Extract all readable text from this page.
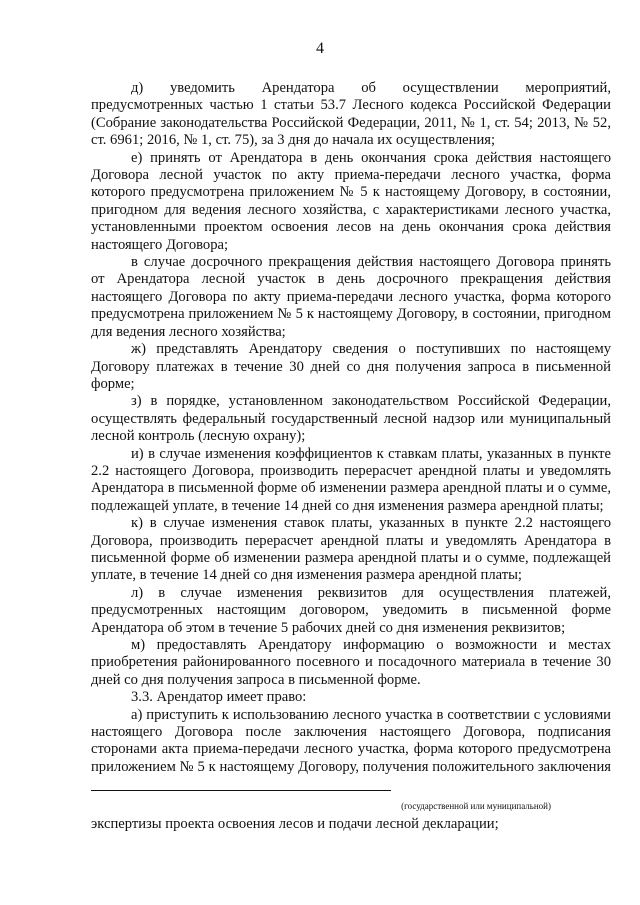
4

д) уведомить Арендатора об осуществлении мероприятий, предусмотренных частью 1 статьи 53.7 Лесного кодекса Российской Федерации (Собрание законодательства Российской Федерации, 2011, № 1, ст. 54; 2013, № 52, ст. 6961; 2016, № 1, ст. 75), за 3 дня до начала их осуществления;

е) принять от Арендатора в день окончания срока действия настоящего Договора лесной участок по акту приема-передачи лесного участка, форма которого предусмотрена приложением № 5 к настоящему Договору, в состоянии, пригодном для ведения лесного хозяйства, с характеристиками лесного участка, установленными проектом освоения лесов на день окончания срока действия настоящего Договора;

в случае досрочного прекращения действия настоящего Договора принять от Арендатора лесной участок в день досрочного прекращения действия настоящего Договора по акту приема-передачи лесного участка, форма которого предусмотрена приложением № 5 к настоящему Договору, в состоянии, пригодном для ведения лесного хозяйства;

ж) представлять Арендатору сведения о поступивших по настоящему Договору платежах в течение 30 дней со дня получения запроса в письменной форме;

з) в порядке, установленном законодательством Российской Федерации, осуществлять федеральный государственный лесной надзор или муниципальный лесной контроль (лесную охрану);

и) в случае изменения коэффициентов к ставкам платы, указанных в пункте 2.2 настоящего Договора, производить перерасчет арендной платы и уведомлять Арендатора в письменной форме об изменении размера арендной платы и о сумме, подлежащей уплате, в течение 14 дней со дня изменения размера арендной платы;

к) в случае изменения ставок платы, указанных в пункте 2.2 настоящего Договора, производить перерасчет арендной платы и уведомлять Арендатора в письменной форме об изменении размера арендной платы и о сумме, подлежащей уплате, в течение 14 дней со дня изменения размера арендной платы;

л) в случае изменения реквизитов для осуществления платежей, предусмотренных настоящим договором, уведомить в письменной форме Арендатора об этом в течение 5 рабочих дней со дня изменения реквизитов;

м) предоставлять Арендатору информацию о возможности и местах приобретения районированного посевного и посадочного материала в течение 30 дней со дня получения запроса в письменной форме.

3.3. Арендатор имеет право:

а) приступить к использованию лесного участка в соответствии с условиями настоящего Договора после заключения настоящего Договора, подписания сторонами акта приема-передачи лесного участка, форма которого предусмотрена приложением № 5 к настоящему Договору, получения положительного заключения

(государственной или муниципальной)

экспертизы проекта освоения лесов и подачи лесной декларации;
